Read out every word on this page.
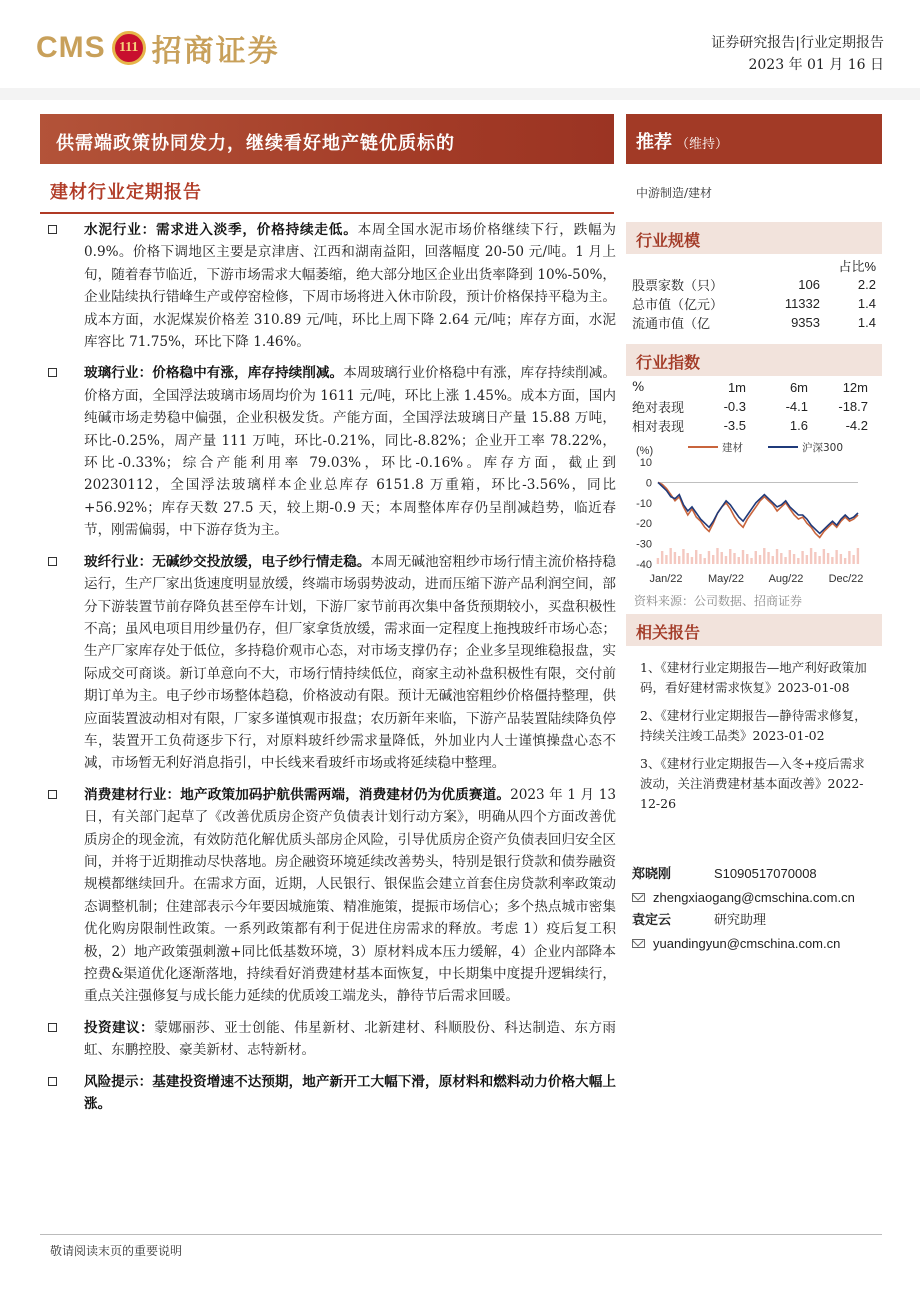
CMS 111 招商证券	证券研究报告|行业定期报告
2023 年 01 月 16 日
供需端政策协同发力，继续看好地产链优质标的	推荐 （维持）
建材行业定期报告
水泥行业：需求进入淡季，价格持续走低。本周全国水泥市场价格继续下行，跌幅为 0.9%。价格下调地区主要是京津唐、江西和湖南益阳，回落幅度 20-50 元/吨。1 月上旬，随着春节临近，下游市场需求大幅萎缩，绝大部分地区企业出货率降到 10%-50%，企业陆续执行错峰生产或停窑检修，下周市场将进入休市阶段，预计价格保持平稳为主。成本方面，水泥煤炭价格差 310.89 元/吨，环比上周下降 2.64 元/吨；库存方面，水泥库容比 71.75%，环比下降 1.46%。
玻璃行业：价格稳中有涨，库存持续削减。本周玻璃行业价格稳中有涨，库存持续削减。价格方面，全国浮法玻璃市场周均价为 1611 元/吨，环比上涨 1.45%。成本方面，国内纯碱市场走势稳中偏强，企业积极发货。产能方面，全国浮法玻璃日产量 15.88 万吨，环比-0.25%，周产量 111 万吨，环比-0.21%，同比-8.82%；企业开工率 78.22%，环比-0.33%；综合产能利用率 79.03%，环比-0.16%。库存方面，截止到 20230112，全国浮法玻璃样本企业总库存 6151.8 万重箱，环比-3.56%，同比+56.92%；库存天数 27.5 天，较上期-0.9 天；本周整体库存仍呈削减趋势，临近春节，刚需偏弱，中下游存货为主。
玻纤行业：无碱纱交投放缓，电子纱行情走稳。本周无碱池窑粗纱市场行情主流价格持稳运行，生产厂家出货速度明显放缓，终端市场弱势波动，进而压缩下游产品利润空间，部分下游装置节前存降负甚至停车计划，下游厂家节前再次集中备货预期较小，买盘积极性不高；虽风电项目用纱量仍存，但厂家拿货放缓，需求面一定程度上拖拽玻纤市场心态；生产厂家库存处于低位，多持稳价观市心态，对市场支撑仍存；企业多呈现维稳报盘，实际成交可商谈。新订单意向不大，市场行情持续低位，商家主动补盘积极性有限，交付前期订单为主。电子纱市场整体趋稳，价格波动有限。预计无碱池窑粗纱价格僵持整理，供应面装置波动相对有限，厂家多谨慎观市报盘；农历新年来临，下游产品装置陆续降负停车，装置开工负荷逐步下行，对原料玻纤纱需求量降低，外加业内人士谨慎操盘心态不减，市场暂无利好消息指引，中长线来看玻纤市场或将延续稳中整理。
消费建材行业：地产政策加码护航供需两端，消费建材仍为优质赛道。2023 年 1 月 13 日，有关部门起草了《改善优质房企资产负债表计划行动方案》，明确从四个方面改善优质房企的现金流，有效防范化解优质头部房企风险，引导优质房企资产负债表回归安全区间，并将于近期推动尽快落地。房企融资环境延续改善势头，特别是银行贷款和债券融资规模都继续回升。在需求方面，近期，人民银行、银保监会建立首套住房贷款利率政策动态调整机制；住建部表示今年要因城施策、精准施策，提振市场信心；多个热点城市密集优化购房限制性政策。一系列政策都有利于促进住房需求的释放。考虑 1）疫后复工积极，2）地产政策强刺激+同比低基数环境，3）原材料成本压力缓解，4）企业内部降本控费&渠道优化逐渐落地，持续看好消费建材基本面恢复，中长期集中度提升逻辑续行，重点关注强修复与成长能力延续的优质竣工端龙头，静待节后需求回暖。
投资建议：蒙娜丽莎、亚士创能、伟星新材、北新建材、科顺股份、科达制造、东方雨虹、东鹏控股、豪美新材、志特新材。
风险提示：基建投资增速不达预期，地产新开工大幅下滑，原材料和燃料动力价格大幅上涨。
中游制造/建材
行业规模
		占比%
股票家数（只）	106	2.2
总市值（亿元）	11332	1.4
流通市值（亿	9353	1.4
行业指数
%	1m	6m	12m
绝对表现	-0.3	-4.1	-18.7
相对表现	-3.5	1.6	-4.2
(%)
10
0
-10
-20
-30
-40
建材	沪深300
Jan/22 May/22 Aug/22 Dec/22
资料来源：公司数据、招商证券
相关报告
1、《建材行业定期报告—地产利好政策加码，看好建材需求恢复》2023-01-08
2、《建材行业定期报告—静待需求修复，持续关注竣工品类》2023-01-02
3、《建材行业定期报告—入冬+疫后需求波动，关注消费建材基本面改善》2022-12-26
郑晓刚	S1090517070008
zhengxiaogang@cmschina.com.cn
袁定云	研究助理
yuandingyun@cmschina.com.cn
敬请阅读末页的重要说明
